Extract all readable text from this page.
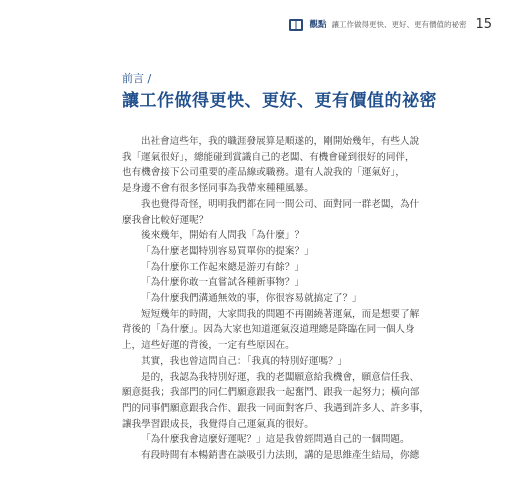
觀點 讓工作做得更快、更好、更有價值的祕密 15
前言 /
讓工作做得更快、更好、更有價值的祕密

出社會這些年，我的職涯發展算是順遂的，剛開始幾年，有些人說

我「運氣很好」，總能碰到賞識自己的老闆、有機會碰到很好的同伴，

也有機會接下公司重要的產品線或職務。還有人說我的「運氣好」，

是身邊不會有很多怪同事為我帶來種種風暴。

我也覺得奇怪，明明我們都在同一間公司、面對同一群老闆，為什

麼我會比較好運呢？

後來幾年，開始有人問我「為什麼」？

「為什麼老闆特別容易買單你的提案？」

「為什麼你工作起來總是游刃有餘？」

「為什麼你敢一直嘗試各種新事物？」

「為什麼我們溝通無效的事，你很容易就搞定了？」

短短幾年的時間，大家問我的問題不再圍繞著運氣，而是想要了解

背後的「為什麼」。因為大家也知道運氣沒道理總是降臨在同一個人身

上，這些好運的背後，一定有些原因在。

其實，我也曾這問自己：「我真的特別好運嗎？」

是的，我認為我特別好運，我的老闆願意給我機會，願意信任我、

願意挺我；我部門的同仁們願意跟我一起奮鬥、跟我一起努力；橫向部

門的同事們願意跟我合作、跟我一同面對客戶、我遇到許多人、許多事，

讓我學習跟成長，我覺得自己運氣真的很好。

「為什麼我會這麼好運呢？」這是我曾經問過自己的一個問題。

有段時間有本暢銷書在談吸引力法則，講的是思維產生結局，你總
